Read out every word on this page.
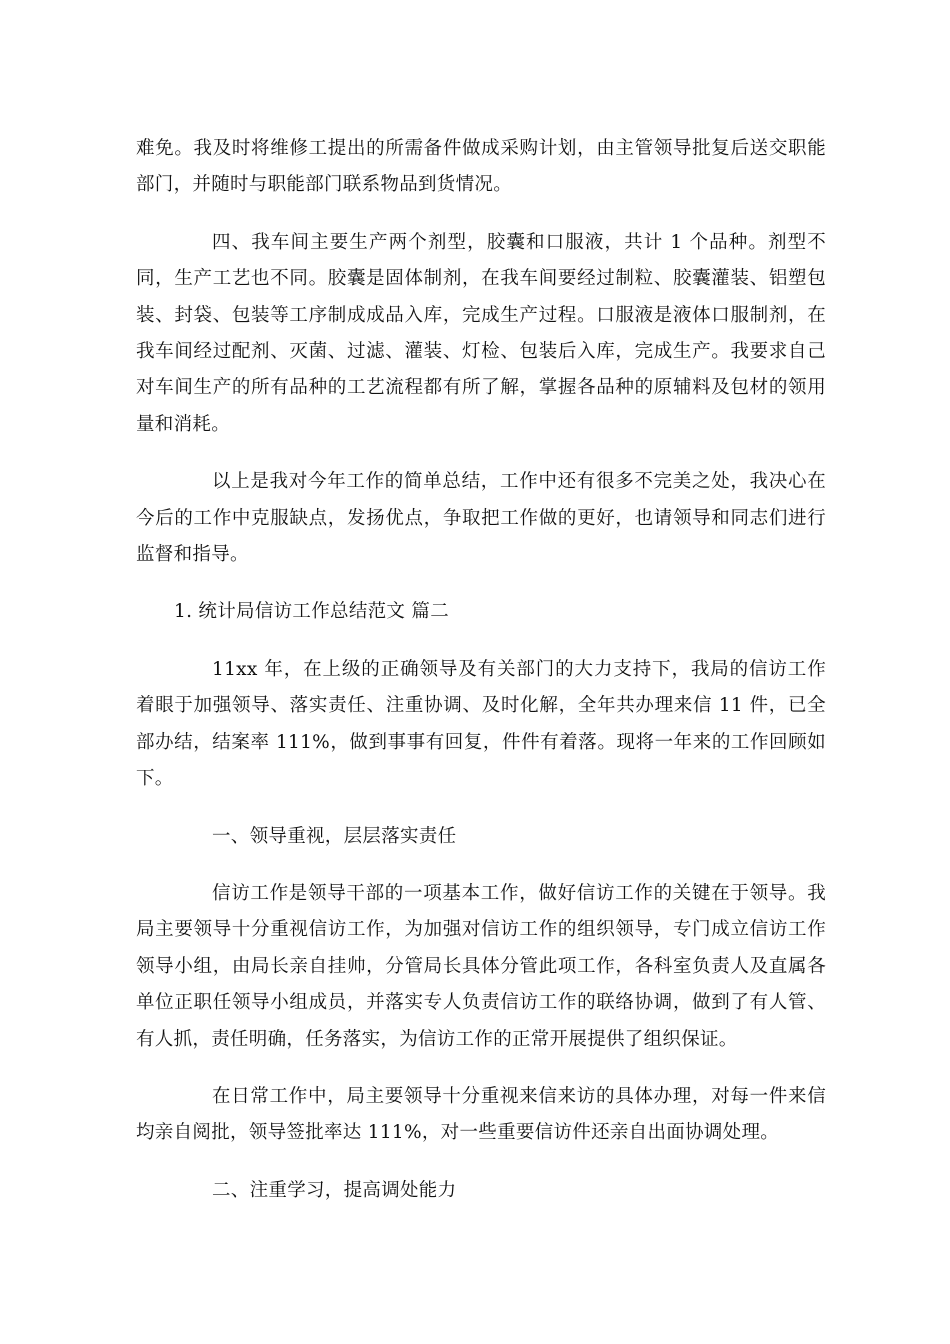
难免。我及时将维修工提出的所需备件做成采购计划，由主管领导批复后送交职能部门，并随时与职能部门联系物品到货情况。

四、我车间主要生产两个剂型，胶囊和口服液，共计 1 个品种。剂型不同，生产工艺也不同。胶囊是固体制剂，在我车间要经过制粒、胶囊灌装、铝塑包装、封袋、包装等工序制成成品入库，完成生产过程。口服液是液体口服制剂，在我车间经过配剂、灭菌、过滤、灌装、灯检、包装后入库，完成生产。我要求自己对车间生产的所有品种的工艺流程都有所了解，掌握各品种的原辅料及包材的领用量和消耗。

以上是我对今年工作的简单总结，工作中还有很多不完美之处，我决心在今后的工作中克服缺点，发扬优点，争取把工作做的更好，也请领导和同志们进行监督和指导。

1. 统计局信访工作总结范文 篇二

11xx 年，在上级的正确领导及有关部门的大力支持下，我局的信访工作着眼于加强领导、落实责任、注重协调、及时化解，全年共办理来信 11 件，已全部办结，结案率 111%，做到事事有回复，件件有着落。现将一年来的工作回顾如下。

一、领导重视，层层落实责任

信访工作是领导干部的一项基本工作，做好信访工作的关键在于领导。我局主要领导十分重视信访工作，为加强对信访工作的组织领导，专门成立信访工作领导小组，由局长亲自挂帅，分管局长具体分管此项工作，各科室负责人及直属各单位正职任领导小组成员，并落实专人负责信访工作的联络协调，做到了有人管、有人抓，责任明确，任务落实，为信访工作的正常开展提供了组织保证。

在日常工作中，局主要领导十分重视来信来访的具体办理，对每一件来信均亲自阅批，领导签批率达 111%，对一些重要信访件还亲自出面协调处理。

二、注重学习，提高调处能力
